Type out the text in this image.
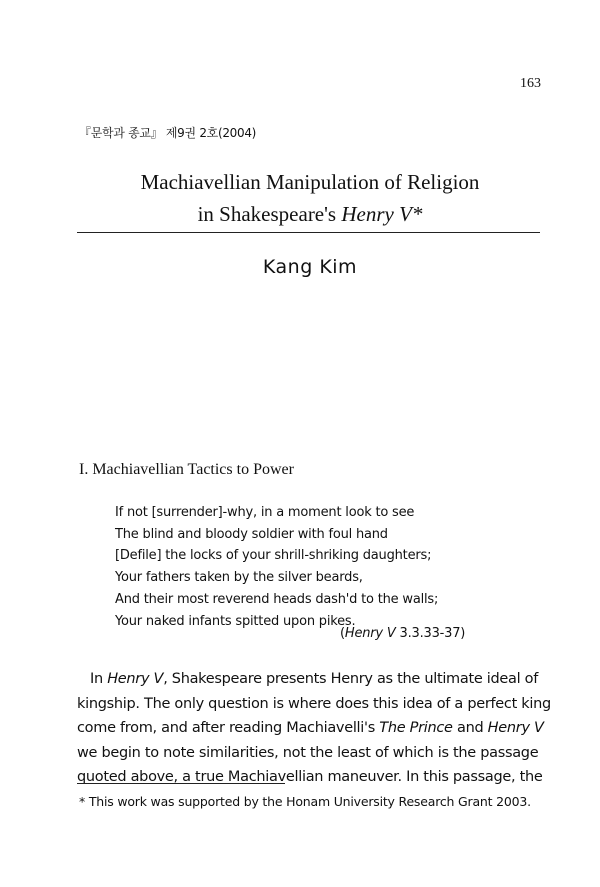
163
『문학과 종교』 제9권 2호(2004)
Machiavellian Manipulation of Religion
in Shakespeare's Henry V*
Kang Kim
I. Machiavellian Tactics to Power
If not [surrender]-why, in a moment look to see
The blind and bloody soldier with foul hand
[Defile] the locks of your shrill-shriking daughters;
Your fathers taken by the silver beards,
And their most reverend heads dash'd to the walls;
Your naked infants spitted upon pikes.
(Henry V 3.3.33-37)
In Henry V, Shakespeare presents Henry as the ultimate ideal of
kingship. The only question is where does this idea of a perfect king
come from, and after reading Machiavelli's The Prince and Henry V
we begin to note similarities, not the least of which is the passage
quoted above, a true Machiavellian maneuver. In this passage, the
* This work was supported by the Honam University Research Grant 2003.
